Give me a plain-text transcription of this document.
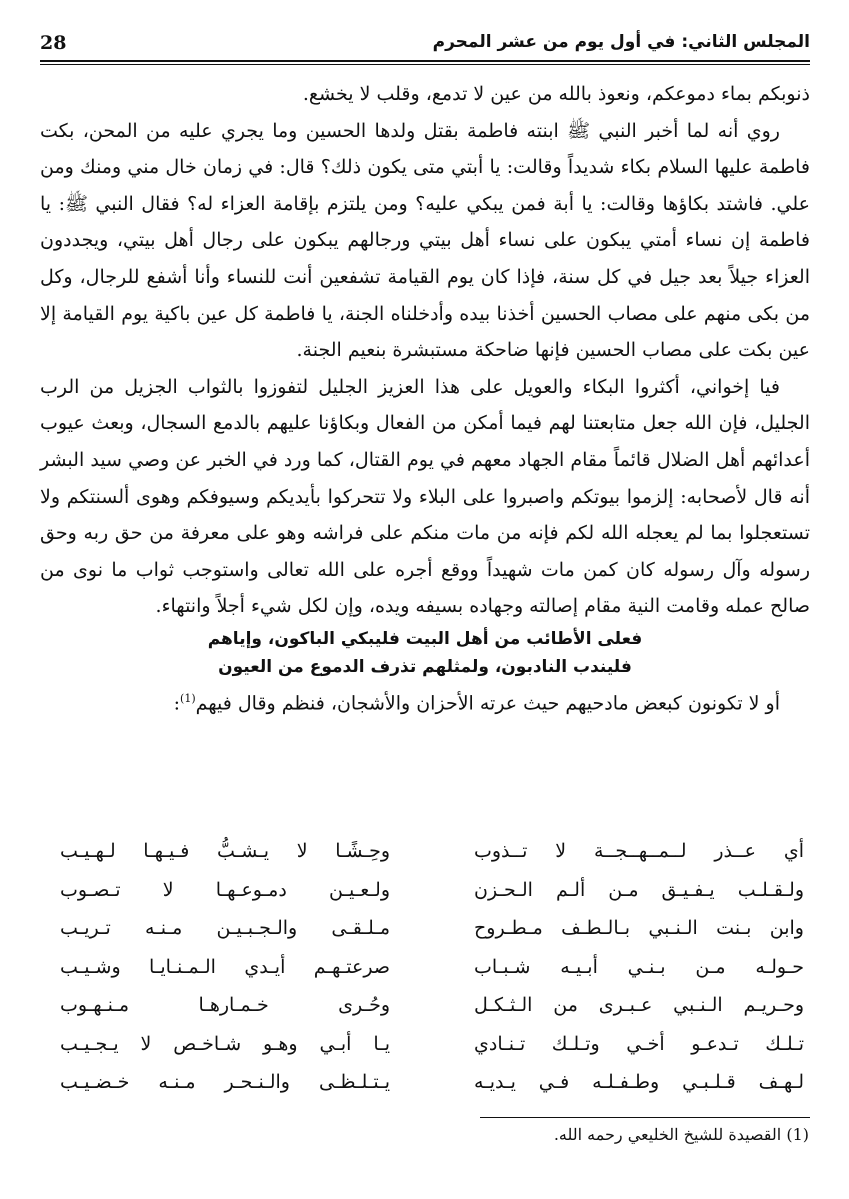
28	المجلس الثاني: في أول يوم من عشر المحرم

ذنوبكم بماء دموعكم، ونعوذ بالله من عين لا تدمع، وقلب لا يخشع.

روي أنه لما أخبر النبي ﷺ ابنته فاطمة بقتل ولدها الحسين وما يجري عليه من المحن، بكت فاطمة عليها السلام بكاء شديداً وقالت: يا أبتي متى يكون ذلك؟ قال: في زمان خال مني ومنك ومن علي. فاشتد بكاؤها وقالت: يا أبة فمن يبكي عليه؟ ومن يلتزم بإقامة العزاء له؟ فقال النبي ﷺ: يا فاطمة إن نساء أمتي يبكون على نساء أهل بيتي ورجالهم يبكون على رجال أهل بيتي، ويجددون العزاء جيلاً بعد جيل في كل سنة، فإذا كان يوم القيامة تشفعين أنت للنساء وأنا أشفع للرجال، وكل من بكى منهم على مصاب الحسين أخذنا بيده وأدخلناه الجنة، يا فاطمة كل عين باكية يوم القيامة إلا عين بكت على مصاب الحسين فإنها ضاحكة مستبشرة بنعيم الجنة.

فيا إخواني، أكثروا البكاء والعويل على هذا العزيز الجليل لتفوزوا بالثواب الجزيل من الرب الجليل، فإن الله جعل متابعتنا لهم فيما أمكن من الفعال وبكاؤنا عليهم بالدمع السجال، وبعث عيوب أعدائهم أهل الضلال قائماً مقام الجهاد معهم في يوم القتال، كما ورد في الخبر عن وصي سيد البشر أنه قال لأصحابه: إلزموا بيوتكم واصبروا على البلاء ولا تتحركوا بأيديكم وسيوفكم وهوى ألسنتكم ولا تستعجلوا بما لم يعجله الله لكم فإنه من مات منكم على فراشه وهو على معرفة من حق ربه وحق رسوله وآل رسوله كان كمن مات شهيداً ووقع أجره على الله تعالى واستوجب ثواب ما نوى من صالح عمله وقامت النية مقام إصالته وجهاده بسيفه ويده، وإن لكل شيء أجلاً وانتهاء.

فعلى الأطائب من أهل البيت فليبكي الباكون، وإياهم
فليندب النادبون، ولمثلهم تذرف الدموع من العيون

أو لا تكونون كبعض مادحيهم حيث عرته الأحزان والأشجان، فنظم وقال فيهم$^{(1)}$:

أي عــذر لــمــهــجــة لا تــذوب
وحِـشًـا لا يـشـبُّ فـيـهـا لـهـيـب
ولـقـلـب يـفـيـق مـن ألـم الـحـزن
ولـعـيـن دمـوعـهـا لا تـصـوب
وابن بـنت الـنـبي بـالـطـف مـطـروح
مـلـقـى والـجـبـيـن مـنـه تـريـب
حـولـه مـن بـنـي أبـيـه شـبـاب
صرعتـهـم أيـدي الـمـنـايـا وشـيـب
وحـريـم الـنـبي عـبـرى من الـثـكـل
وحُـرى خـمـارهـا مـنـهـوب
تـلـك تـدعـو أخـي وتـلـك تـنـادي
يـا أبـي وهـو شـاخـص لا يـجـيـب
لـهـف قـلـبـي وطـفـلـه فـي يـديـه
يـتـلـظـى والـنـحـر مـنـه خـضـيـب
(1) القصيدة للشيخ الخليعي رحمه الله.
